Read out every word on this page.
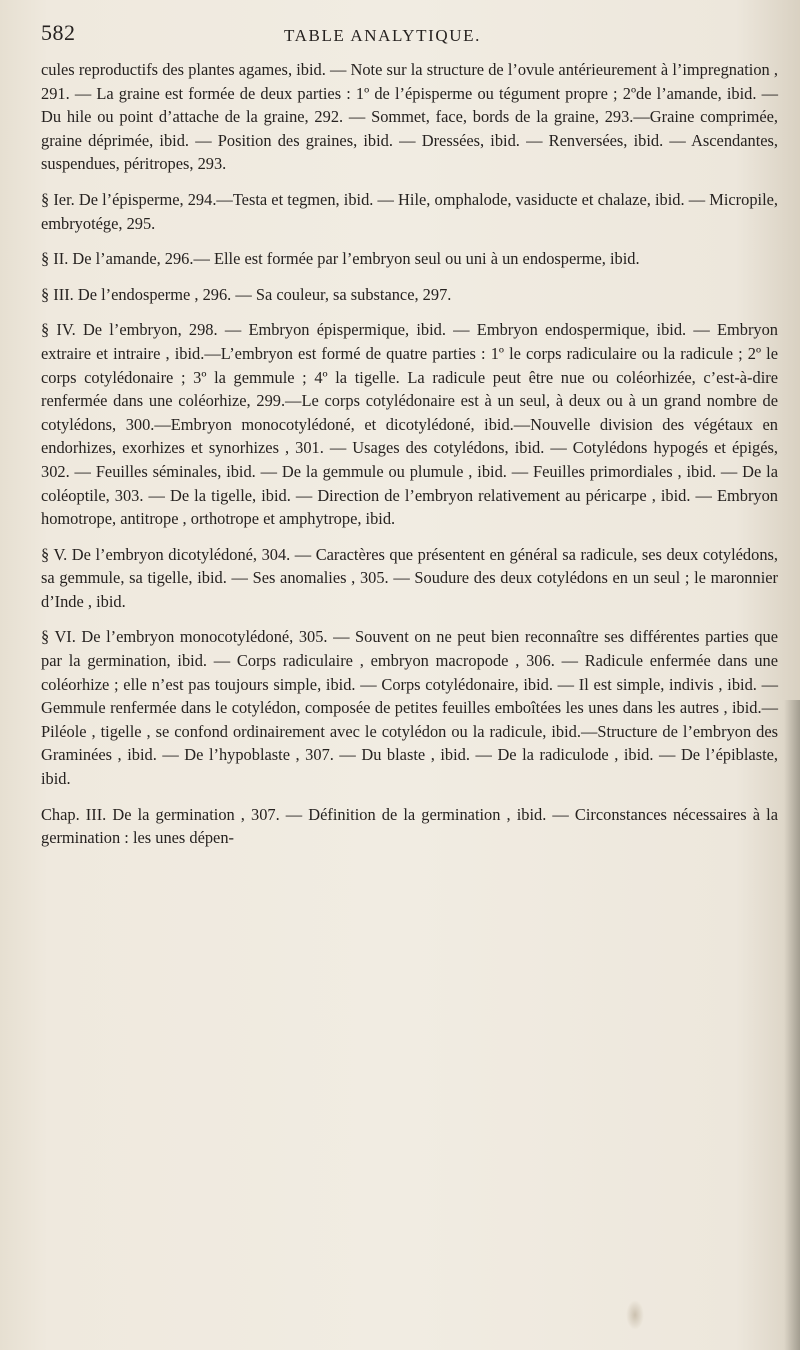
582	TABLE ANALYTIQUE.

cules reproductifs des plantes agames, ibid. — Note sur la structure de l’ovule antérieurement à l’impregnation , 291. — La graine est formée de deux parties : 1º de l’épisperme ou tégument propre ; 2ºde l’amande, ibid. — Du hile ou point d’attache de la graine, 292. — Sommet, face, bords de la graine, 293.—Graine comprimée, graine déprimée, ibid. — Position des graines, ibid. — Dressées, ibid. — Renversées, ibid. — Ascendantes, suspendues, péritropes, 293.

§ Ier. De l’épisperme, 294.—Testa et tegmen, ibid. — Hile, omphalode, vasiducte et chalaze, ibid. — Micropile, embryotége, 295.

§ II. De l’amande, 296.— Elle est formée par l’embryon seul ou uni à un endosperme, ibid.

§ III. De l’endosperme , 296. — Sa couleur, sa substance, 297.

§ IV. De l’embryon, 298. — Embryon épispermique, ibid. — Embryon endospermique, ibid. — Embryon extraire et intraire , ibid.—L’embryon est formé de quatre parties : 1º le corps radiculaire ou la radicule ; 2º le corps cotylédonaire ; 3º la gemmule ; 4º la tigelle. La radicule peut être nue ou coléorhizée, c’est-à-dire renfermée dans une coléorhize, 299.—Le corps cotylédonaire est à un seul, à deux ou à un grand nombre de cotylédons, 300.—Embryon monocotylédoné, et dicotylédoné, ibid.—Nouvelle division des végétaux en endorhizes, exorhizes et synorhizes , 301. — Usages des cotylédons, ibid. — Cotylédons hypogés et épigés, 302. — Feuilles séminales, ibid. — De la gemmule ou plumule , ibid. — Feuilles primordiales , ibid. — De la coléoptile, 303. — De la tigelle, ibid. — Direction de l’embryon relativement au péricarpe , ibid. — Embryon homotrope, antitrope , orthotrope et amphytrope, ibid.

§ V. De l’embryon dicotylédoné, 304. — Caractères que présentent en général sa radicule, ses deux cotylédons, sa gemmule, sa tigelle, ibid. — Ses anomalies , 305. — Soudure des deux cotylédons en un seul ; le maronnier d’Inde , ibid.

§ VI. De l’embryon monocotylédoné, 305. — Souvent on ne peut bien reconnaître ses différentes parties que par la germination, ibid. — Corps radiculaire , embryon macropode , 306. — Radicule enfermée dans une coléorhize ; elle n’est pas toujours simple, ibid. — Corps cotylédonaire, ibid. — Il est simple, indivis , ibid. — Gemmule renfermée dans le cotylédon, composée de petites feuilles emboîtées les unes dans les autres , ibid.—Piléole , tigelle , se confond ordinairement avec le cotylédon ou la radicule, ibid.—Structure de l’embryon des Graminées , ibid. — De l’hypoblaste , 307. — Du blaste , ibid. — De la radiculode , ibid. — De l’épiblaste, ibid.

Chap. III. De la germination , 307. — Définition de la germination , ibid. — Circonstances nécessaires à la germination : les unes dépen-
